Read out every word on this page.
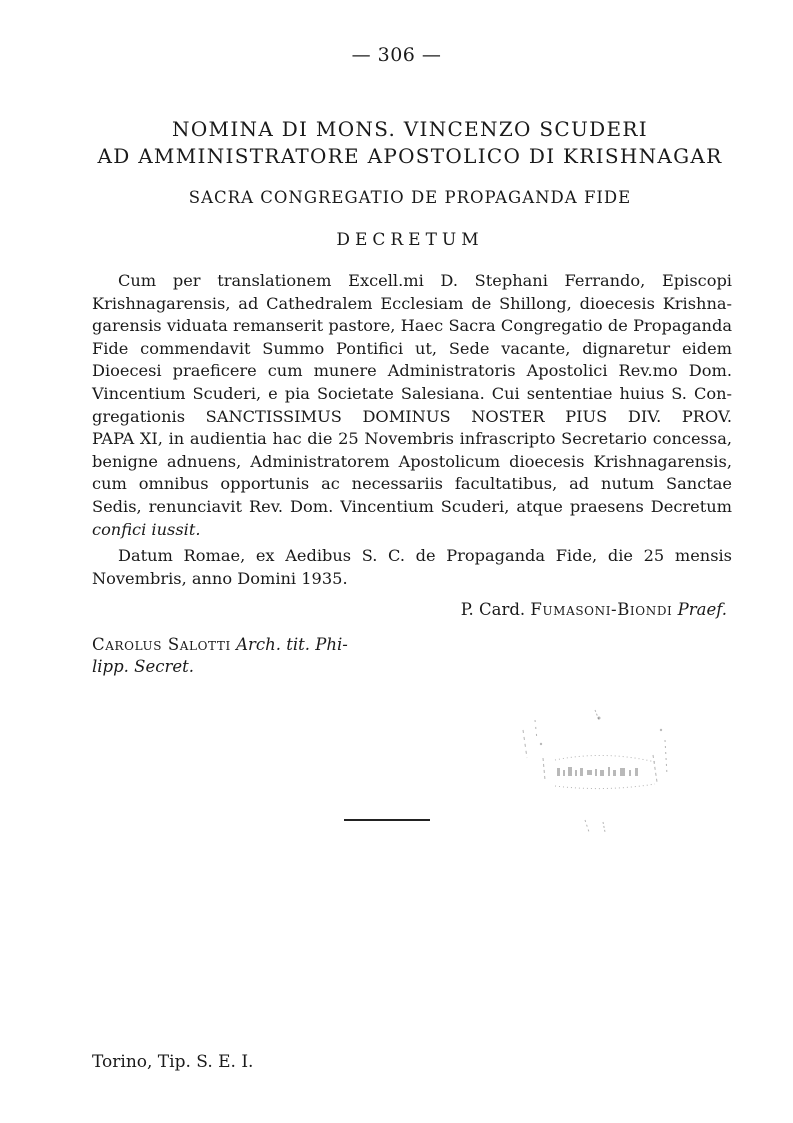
— 306 —
NOMINA DI MONS. VINCENZO SCUDERI
AD AMMINISTRATORE APOSTOLICO DI KRISHNAGAR
SACRA CONGREGATIO DE PROPAGANDA FIDE
DECRETUM
Cum per translationem Excell.mi D. Stephani Ferrando, Episcopi
Krishnagarensis, ad Cathedralem Ecclesiam de Shillong, dioecesis Krishna-
garensis viduata remanserit pastore, Haec Sacra Congregatio de Propaganda
Fide commendavit Summo Pontifici ut, Sede vacante, dignaretur eidem
Dioecesi praeficere cum munere Administratoris Apostolici Rev.mo Dom.
Vincentium Scuderi, e pia Societate Salesiana. Cui sententiae huius S. Con-
gregationis SANCTISSIMUS DOMINUS NOSTER PIUS DIV. PROV.
PAPA XI, in audientia hac die 25 Novembris infrascripto Secretario concessa,
benigne adnuens, Administratorem Apostolicum dioecesis Krishnagarensis,
cum omnibus opportunis ac necessariis facultatibus, ad nutum Sanctae
Sedis, renunciavit Rev. Dom. Vincentium Scuderi, atque praesens Decretum
confici iussit.
Datum Romae, ex Aedibus S. C. de Propaganda Fide, die 25 mensis
Novembris, anno Domini 1935.
P. Card. Fumasoni-Biondi Praef.
Carolus Salotti Arch. tit. Phi-
lipp. Secret.
Torino, Tip. S. E. I.
